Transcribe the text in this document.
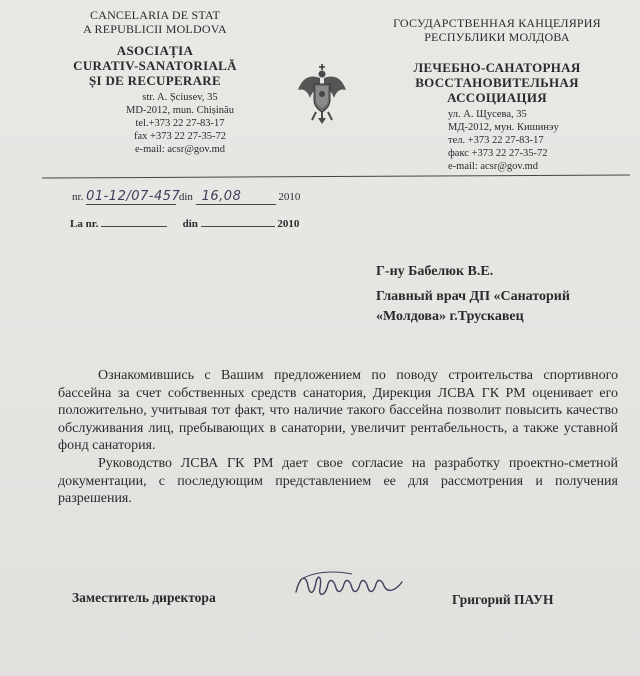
CANCELARIA DE STAT
A REPUBLICII MOLDOVA
ASOCIAȚIA
CURATIV-SANATORIALĂ
ȘI DE RECUPERARE
str. A. Șciusev, 35
MD-2012, mun. Chișinău
tel.+373 22 27-83-17
fax +373 22 27-35-72
e-mail: acsr@gov.md
ГОСУДАРСТВЕННАЯ КАНЦЕЛЯРИЯ
РЕСПУБЛИКИ МОЛДОВА
ЛЕЧЕБНО-САНАТОРНАЯ
ВОССТАНОВИТЕЛЬНАЯ
АССОЦИАЦИЯ
ул. А. Щусева, 35
МД-2012, мун. Кишинэу
тел. +373 22 27-83-17
факс +373 22 27-35-72
e-mail: acsr@gov.md
nr. 01-12/07-457 din 16,08	2010
La nr.	din	2010
Г-ну Бабелюк В.Е.
Главный врач ДП «Санаторий
«Молдова» г.Трускавец

Ознакомившись с Вашим предложением по поводу строительства спортивного бассейна за счет собственных средств санатория, Дирекция ЛСВА ГК РМ оценивает его положительно, учитывая тот факт, что наличие такого бассейна позволит повысить качество обслуживания лиц, пребывающих в санатории, увеличит рентабельность, а также уставной фонд санатория.

Руководство ЛСВА ГК РМ дает свое согласие на разработку проектно-сметной документации, с последующим представлением ее для рассмотрения и получения разрешения.

Заместитель директора	Григорий ПАУН
